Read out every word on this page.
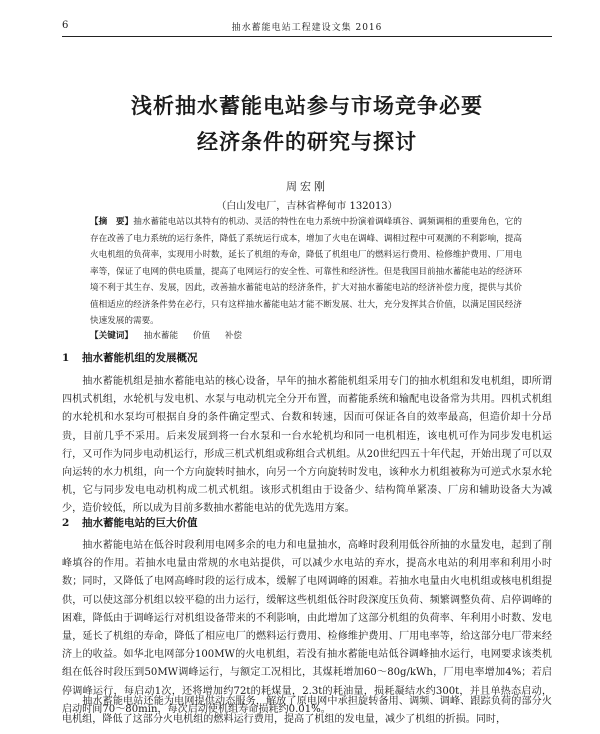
6	抽水蓄能电站工程建设文集 2016
浅析抽水蓄能电站参与市场竞争必要
经济条件的研究与探讨
周宏刚
（白山发电厂，吉林省桦甸市 132013）
【摘　要】抽水蓄能电站以其特有的机动、灵活的特性在电力系统中扮演着调峰填谷、调频调相的重要角色，它的存在改善了电力系统的运行条件，降低了系统运行成本，增加了火电在调峰、调相过程中可观测的不利影响，提高火电机组的负荷率，实现用小时数，延长了机组的寿命，降低了机组电厂的燃料运行费用、检修维护费用、厂用电率等，保证了电网的供电质量，提高了电网运行的安全性、可靠性和经济性。但是我国目前抽水蓄能电站的经济环境不利于其生存、发展，因此，改善抽水蓄能电站的经济条件，扩大对抽水蓄能电站的经济补偿力度，提供与其价值相适应的经济条件势在必行，只有这样抽水蓄能电站才能不断发展、壮大，充分发挥其合价值，以满足国民经济快速发展的需要。
【关键词】 抽水蓄能 价值 补偿
1 抽水蓄能机组的发展概况
抽水蓄能机组是抽水蓄能电站的核心设备，早年的抽水蓄能机组采用专门的抽水机组和发电机组，即所谓四机式机组，水轮机与发电机、水泵与电动机完全分开布置，而蓄能系统和输配电设备常为共用。四机式机组的水轮机和水泵均可根据自身的条件确定型式、台数和转速，因而可保证各自的效率最高，但造价却十分昂贵，目前几乎不采用。后来发展到将一台水泵和一台水轮机均和同一电机相连，该电机可作为同步发电机运行，又可作为同步电动机运行，形成三机式机组或称组合式机组。从20世纪四五十年代起，开始出现了可以双向运转的水力机组，向一个方向旋转时抽水，向另一个方向旋转时发电，该种水力机组被称为可逆式水泵水轮机，它与同步发电电动机构成二机式机组。该形式机组由于设备少、结构简单紧凑、厂房和辅助设备大为减少，造价较低，所以成为目前多数抽水蓄能电站的优先选用方案。
2 抽水蓄能电站的巨大价值
抽水蓄能电站在低谷时段利用电网多余的电力和电量抽水，高峰时段利用低谷所抽的水量发电，起到了削峰填谷的作用。若抽水电量由常规的水电站提供，可以减少水电站的弃水，提高水电站的利用率和利用小时数；同时，又降低了电网高峰时段的运行成本，缓解了电网调峰的困难。若抽水电量由火电机组或核电机组提供，可以使这部分机组以较平稳的出力运行，缓解这些机组低谷时段深度压负荷、频繁调整负荷、启停调峰的困难，降低由于调峰运行对机组设备带来的不利影响，由此增加了这部分机组的负荷率、年利用小时数、发电量，延长了机组的寿命，降低了相应电厂的燃料运行费用、检修维护费用、厂用电率等，给这部分电厂带来经济上的收益。如华北电网部分100MW的火电机组，若没有抽水蓄能电站低谷调峰抽水运行，电网要求该类机组在低谷时段压到50MW调峰运行，与额定工况相比，其煤耗增加60～80g/kWh，厂用电率增加4%；若启停调峰运行，每启动1次，还将增加约72t的耗煤量，2.3t的耗油量，损耗凝结水约300t，并且单热态启动，启动时间70～80min，每次启动使机组寿命损耗约0.01%。
抽水蓄能电站还能为电网提供动态服务，解放了原电网中承担旋转备用、调频、调峰、跟踪负荷的部分火电机组，降低了这部分火电机组的燃料运行费用，提高了机组的发电量，减少了机组的折损。同时，
